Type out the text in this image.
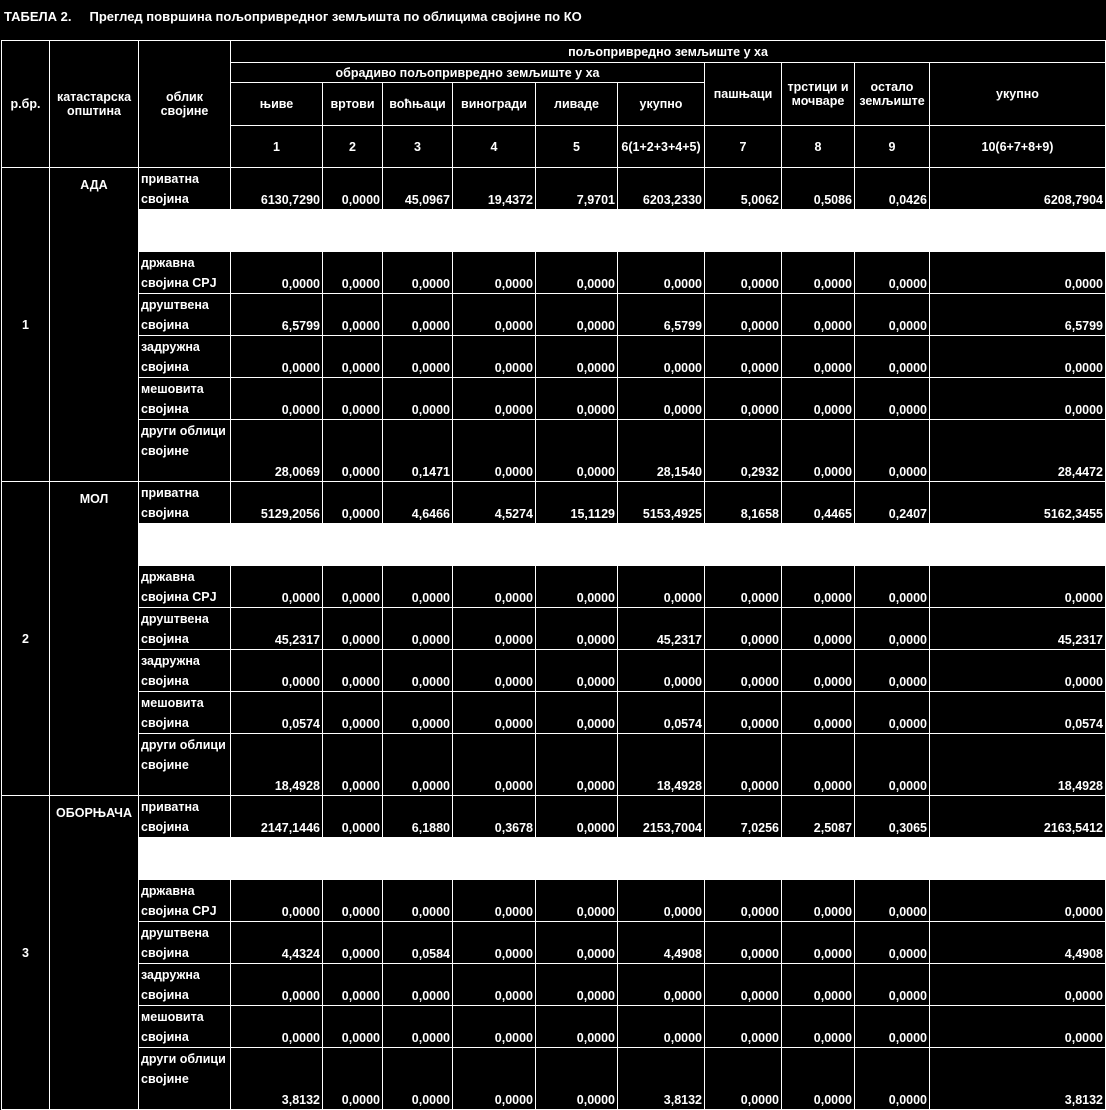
ТАБЕЛА 2. Преглед површина пољопривредног земљишта по облицима својине по КО
р.бр.	катастарска општина	облик својине	пољопривредно земљиште у ха									
			обрадиво пољопривредно земљиште у ха						пашњаци	трстици и мочваре	остало земљиште	укупно
			њиве	вртови	воћњаци	виногради	ливаде	укупно				
			1	2	3	4	5	6(1+2+3+4+5)	7	8	9	10(6+7+8+9)
1	АДА	приватна својина	6130,7290	0,0000	45,0967	19,4372	7,9701	6203,2330	5,0062	0,5086	0,0426	6208,7904

		државна својина СРЈ	0,0000	0,0000	0,0000	0,0000	0,0000	0,0000	0,0000	0,0000	0,0000	0,0000
		друштвена својина	6,5799	0,0000	0,0000	0,0000	0,0000	6,5799	0,0000	0,0000	0,0000	6,5799
		задружна својина	0,0000	0,0000	0,0000	0,0000	0,0000	0,0000	0,0000	0,0000	0,0000	0,0000
		мешовита својина	0,0000	0,0000	0,0000	0,0000	0,0000	0,0000	0,0000	0,0000	0,0000	0,0000
		други облици својине	28,0069	0,0000	0,1471	0,0000	0,0000	28,1540	0,2932	0,0000	0,0000	28,4472
2	МОЛ	приватна својина	5129,2056	0,0000	4,6466	4,5274	15,1129	5153,4925	8,1658	0,4465	0,2407	5162,3455

		државна својина СРЈ	0,0000	0,0000	0,0000	0,0000	0,0000	0,0000	0,0000	0,0000	0,0000	0,0000
		друштвена својина	45,2317	0,0000	0,0000	0,0000	0,0000	45,2317	0,0000	0,0000	0,0000	45,2317
		задружна својина	0,0000	0,0000	0,0000	0,0000	0,0000	0,0000	0,0000	0,0000	0,0000	0,0000
		мешовита својина	0,0574	0,0000	0,0000	0,0000	0,0000	0,0574	0,0000	0,0000	0,0000	0,0574
		други облици својине	18,4928	0,0000	0,0000	0,0000	0,0000	18,4928	0,0000	0,0000	0,0000	18,4928
3	ОБОРЊАЧА	приватна својина	2147,1446	0,0000	6,1880	0,3678	0,0000	2153,7004	7,0256	2,5087	0,3065	2163,5412

		државна својина СРЈ	0,0000	0,0000	0,0000	0,0000	0,0000	0,0000	0,0000	0,0000	0,0000	0,0000
		друштвена својина	4,4324	0,0000	0,0584	0,0000	0,0000	4,4908	0,0000	0,0000	0,0000	4,4908
		задружна својина	0,0000	0,0000	0,0000	0,0000	0,0000	0,0000	0,0000	0,0000	0,0000	0,0000
		мешовита својина	0,0000	0,0000	0,0000	0,0000	0,0000	0,0000	0,0000	0,0000	0,0000	0,0000
		други облици својине	3,8132	0,0000	0,0000	0,0000	0,0000	3,8132	0,0000	0,0000	0,0000	3,8132
